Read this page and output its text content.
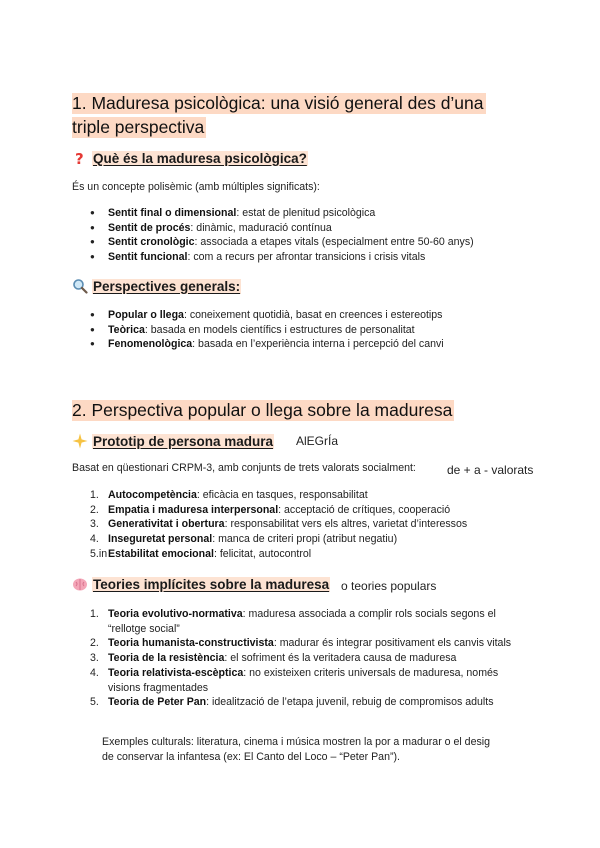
1. Maduresa psicològica: una visió general des d’una
triple perspectiva
? Què és la maduresa psicològica?
És un concepte polisèmic (amb múltiples significats):
● Sentit final o dimensional: estat de plenitud psicològica
● Sentit de procés: dinàmic, maduració contínua
● Sentit cronològic: associada a etapes vitals (especialment entre 50-60 anys)
● Sentit funcional: com a recurs per afrontar transicions i crisis vitals
Perspectives generals:
● Popular o llega: coneixement quotidià, basat en creences i estereotips
● Teòrica: basada en models científics i estructures de personalitat
● Fenomenològica: basada en l’experiència interna i percepció del canvi
2. Perspectiva popular o llega sobre la maduresa
Prototip de persona madura AlEGrÍa
Basat en qüestionari CRPM-3, amb conjunts de trets valorats socialment:	de + a - valorats
1. Autocompetència: eficàcia en tasques, responsabilitat
2. Empatia i maduresa interpersonal: acceptació de crítiques, cooperació
3. Generativitat i obertura: responsabilitat vers els altres, varietat d’interessos
4. Inseguretat personal: manca de criteri propi (atribut negatiu)
5.in Estabilitat emocional: felicitat, autocontrol
Teories implícites sobre la maduresa o teories populars
1. Teoria evolutivo-normativa: maduresa associada a complir rols socials segons el “rellotge social”
2. Teoria humanista-constructivista: madurar és integrar positivament els canvis vitals
3. Teoria de la resistència: el sofriment és la veritadera causa de maduresa
4. Teoria relativista-escèptica: no existeixen criteris universals de maduresa, només visions fragmentades
5. Teoria de Peter Pan: idealització de l’etapa juvenil, rebuig de compromisos adults
Exemples culturals: literatura, cinema i música mostren la por a madurar o el desig de conservar la infantesa (ex: El Canto del Loco – “Peter Pan”).
